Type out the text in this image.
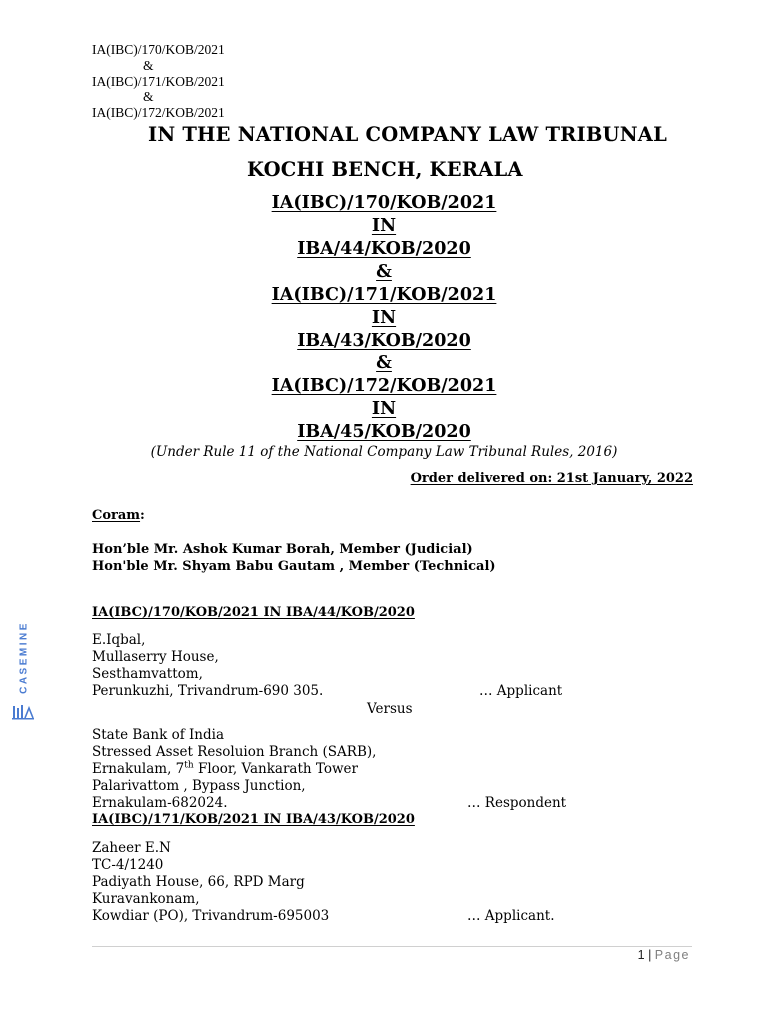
IA(IBC)/170/KOB/2021
&
IA(IBC)/171/KOB/2021
&
IA(IBC)/172/KOB/2021
IN THE NATIONAL COMPANY LAW TRIBUNAL
KOCHI BENCH, KERALA
IA(IBC)/170/KOB/2021
IN
IBA/44/KOB/2020
&
IA(IBC)/171/KOB/2021
IN
IBA/43/KOB/2020
&
IA(IBC)/172/KOB/2021
IN
IBA/45/KOB/2020
(Under Rule 11 of the National Company Law Tribunal Rules, 2016)
Order delivered on: 21st January, 2022
Coram:
Hon’ble Mr. Ashok Kumar Borah, Member (Judicial)
Hon'ble Mr. Shyam Babu Gautam , Member (Technical)
IA(IBC)/170/KOB/2021 IN IBA/44/KOB/2020
E.Iqbal,
Mullaserry House,
Sesthamvattom,
Perunkuzhi, Trivandrum-690 305.	… Applicant
Versus
State Bank of India
Stressed Asset Resoluion Branch (SARB),
Ernakulam, 7th Floor, Vankarath Tower
Palarivattom , Bypass Junction,
Ernakulam-682024.	… Respondent
IA(IBC)/171/KOB/2021 IN IBA/43/KOB/2020
Zaheer E.N
TC-4/1240
Padiyath House, 66, RPD Marg
Kuravankonam,
Kowdiar (PO), Trivandrum-695003	… Applicant.
1 | Page
CASEMINE
